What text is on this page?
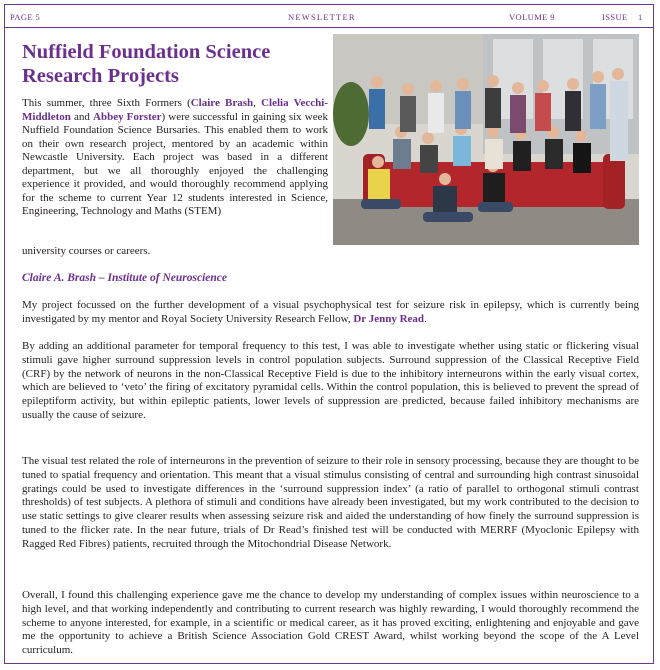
PAGE 5	NEWSLETTER	VOLUME 9	ISSUE 1
Nuffield Foundation Science Research Projects

This summer, three Sixth Formers (Claire Brash, Clelia Vecchi-Middleton and Abbey Forster) were successful in gaining six week Nuffield Foundation Science Bursaries. This enabled them to work on their own research project, mentored by an academic within Newcastle University. Each project was based in a different department, but we all thoroughly enjoyed the challenging experience it provided, and would thoroughly recommend applying for the scheme to current Year 12 students interested in Science, Engineering, Technology and Maths (STEM)

university courses or careers.

Claire A. Brash – Institute of Neuroscience

My project focussed on the further development of a visual psychophysical test for seizure risk in epilepsy, which is currently being investigated by my mentor and Royal Society University Research Fellow, Dr Jenny Read.

By adding an additional parameter for temporal frequency to this test, I was able to investigate whether using static or flickering visual stimuli gave higher surround suppression levels in control population subjects. Surround suppression of the Classical Receptive Field (CRF) by the network of neurons in the non-Classical Receptive Field is due to the inhibitory interneurons within the early visual cortex, which are believed to ‘veto’ the firing of excitatory pyramidal cells. Within the control population, this is believed to prevent the spread of epileptiform activity, but within epileptic patients, lower levels of suppression are predicted, because failed inhibitory mechanisms are usually the cause of seizure.

The visual test related the role of interneurons in the prevention of seizure to their role in sensory processing, because they are thought to be tuned to spatial frequency and orientation. This meant that a visual stimulus consisting of central and surrounding high contrast sinusoidal gratings could be used to investigate differences in the ‘surround suppression index’ (a ratio of parallel to orthogonal stimuli contrast thresholds) of test subjects. A plethora of stimuli and conditions have already been investigated, but my work contributed to the decision to use static settings to give clearer results when assessing seizure risk and aided the understanding of how finely the surround suppression is tuned to the flicker rate. In the near future, trials of Dr Read’s finished test will be conducted with MERRF (Myoclonic Epilepsy with Ragged Red Fibres) patients, recruited through the Mitochondrial Disease Network.

Overall, I found this challenging experience gave me the chance to develop my understanding of complex issues within neuroscience to a high level, and that working independently and contributing to current research was highly rewarding, I would thoroughly recommend the scheme to anyone interested, for example, in a scientific or medical career, as it has proved exciting, enlightening and enjoyable and gave me the opportunity to achieve a British Science Association Gold CREST Award, whilst working beyond the scope of the A Level curriculum.
